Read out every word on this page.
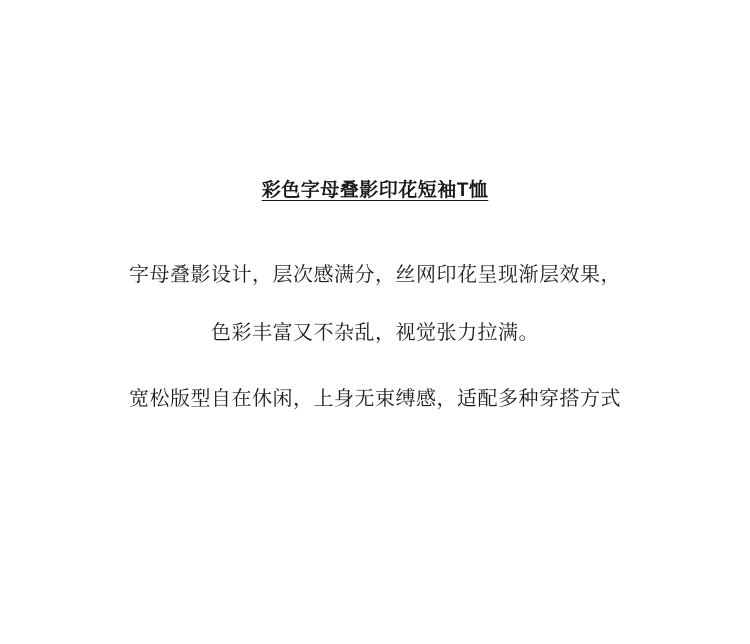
彩色字母叠影印花短袖T恤

字母叠影设计，层次感满分，丝网印花呈现渐层效果，

色彩丰富又不杂乱，视觉张力拉满。

宽松版型自在休闲，上身无束缚感，适配多种穿搭方式
